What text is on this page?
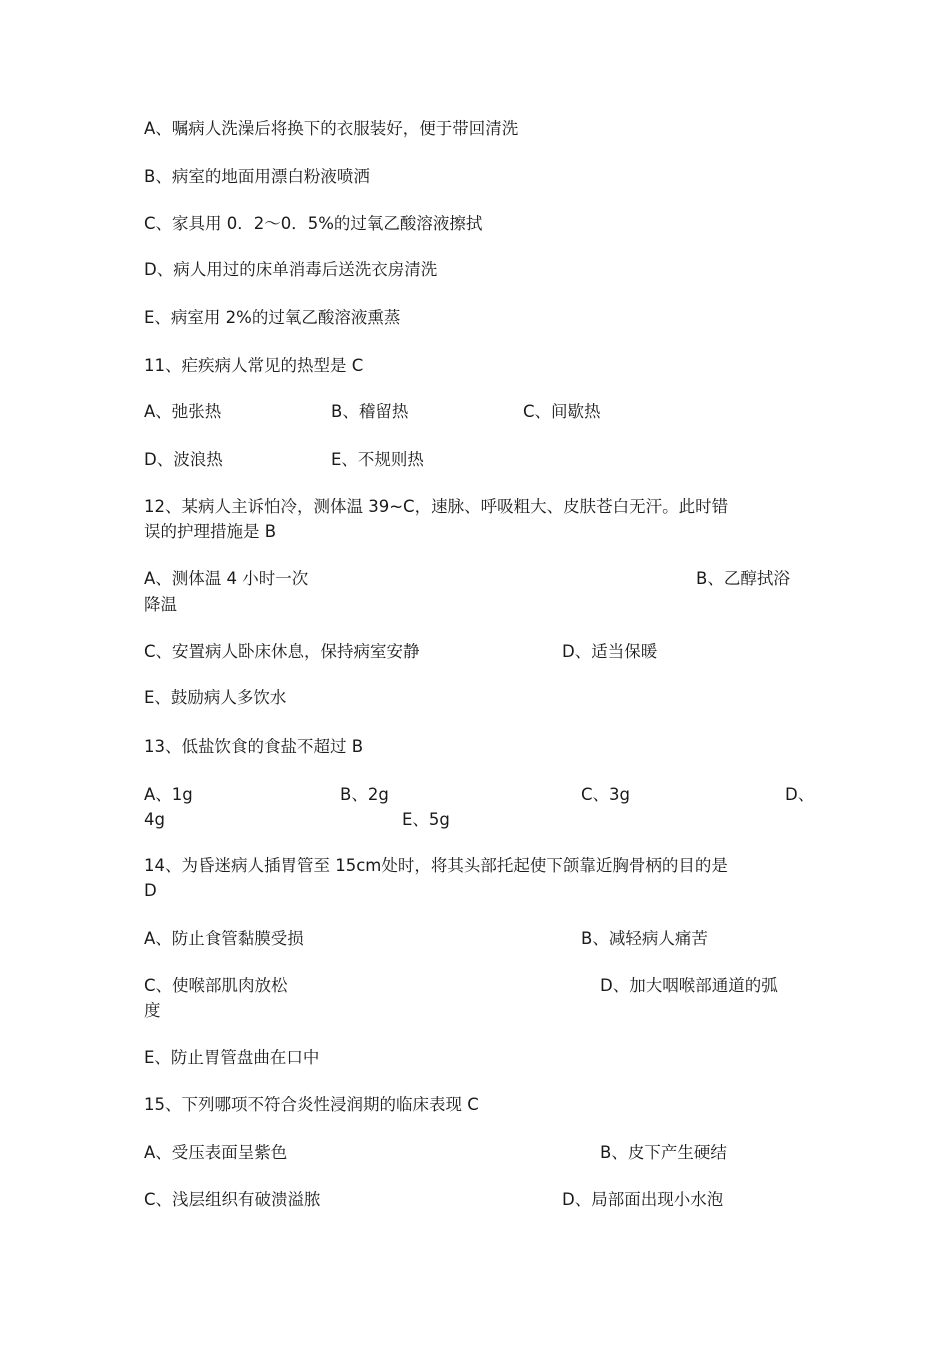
A、嘱病人洗澡后将换下的衣服装好，便于带回清洗
B、病室的地面用漂白粉液喷洒
C、家具用 0．2～0．5%的过氧乙酸溶液擦拭
D、病人用过的床单消毒后送洗衣房清洗
E、病室用 2%的过氧乙酸溶液熏蒸
11、疟疾病人常见的热型是 C
A、弛张热	B、稽留热	C、间歇热
D、波浪热	E、不规则热
12、某病人主诉怕冷，测体温 39~C，速脉、呼吸粗大、皮肤苍白无汗。此时错
误的护理措施是 B
A、测体温 4 小时一次	B、乙醇拭浴
降温
C、安置病人卧床休息，保持病室安静	D、适当保暖
E、鼓励病人多饮水
13、低盐饮食的食盐不超过 B
A、1g	B、2g	C、3g	D、
4g	E、5g
14、为昏迷病人插胃管至 15cm处时，将其头部托起使下颌靠近胸骨柄的目的是
D
A、防止食管黏膜受损	B、减轻病人痛苦
C、使喉部肌肉放松	D、加大咽喉部通道的弧
度
E、防止胃管盘曲在口中
15、下列哪项不符合炎性浸润期的临床表现 C
A、受压表面呈紫色	B、皮下产生硬结
C、浅层组织有破溃溢脓	D、局部面出现小水泡
